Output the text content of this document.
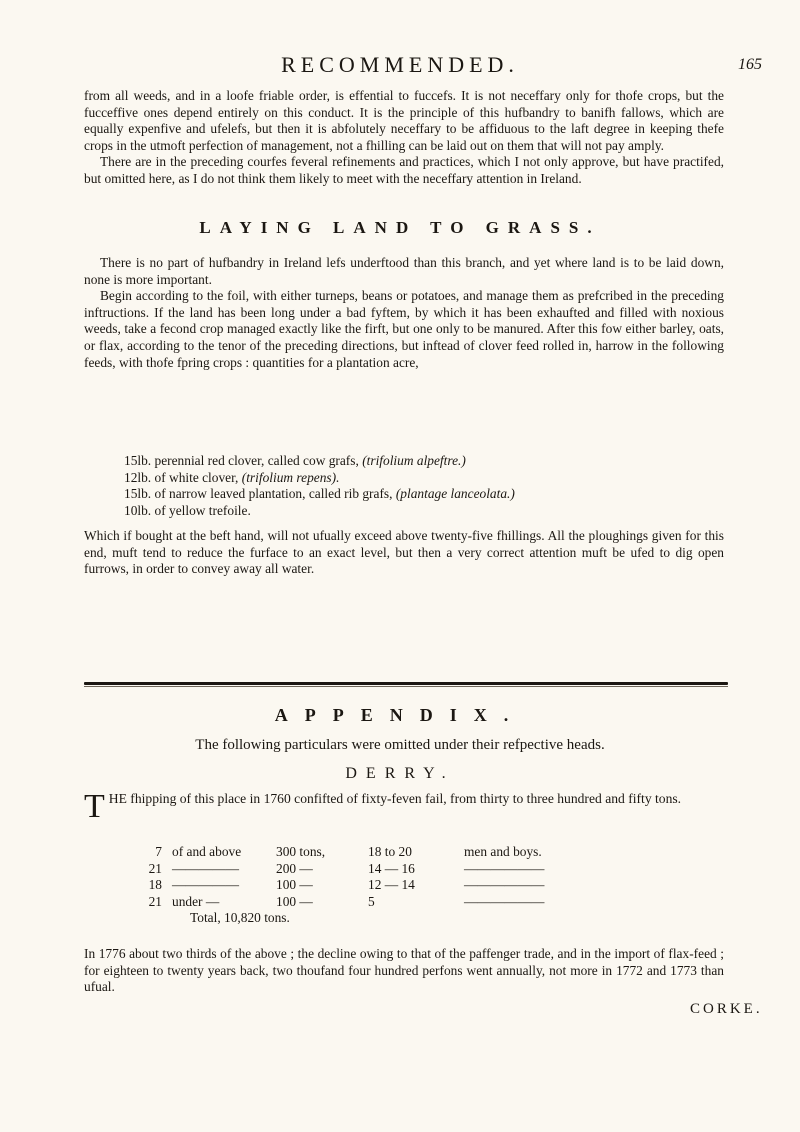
RECOMMENDED.	165

from all weeds, and in a loofe friable order, is effential to fuccefs. It is not neceffary only for thofe crops, but the fucceffive ones depend entirely on this conduct. It is the principle of this hufbandry to banifh fallows, which are equally expenfive and ufelefs, but then it is abfolutely neceffary to be affiduous to the laft degree in keeping thefe crops in the utmoft perfection of management, not a fhilling can be laid out on them that will not pay amply.

There are in the preceding courfes feveral refinements and practices, which I not only approve, but have practifed, but omitted here, as I do not think them likely to meet with the neceffary attention in Ireland.

LAYING LAND TO GRASS.

There is no part of hufbandry in Ireland lefs underftood than this branch, and yet where land is to be laid down, none is more important.

Begin according to the foil, with either turneps, beans or potatoes, and manage them as prefcribed in the preceding inftructions. If the land has been long under a bad fyftem, by which it has been exhaufted and filled with noxious weeds, take a fecond crop managed exactly like the firft, but one only to be manured. After this fow either barley, oats, or flax, according to the tenor of the preceding directions, but inftead of clover feed rolled in, harrow in the following feeds, with thofe fpring crops : quantities for a plantation acre,

15lb. perennial red clover, called cow grafs, (trifolium alpeftre.)
12lb. of white clover, (trifolium repens).
15lb. of narrow leaved plantation, called rib grafs, (plantage lanceolata.)
10lb. of yellow trefoile.

Which if bought at the beft hand, will not ufually exceed above twenty-five fhillings. All the ploughings given for this end, muft tend to reduce the furface to an exact level, but then a very correct attention muft be ufed to dig open furrows, in order to convey away all water.

APPENDIX.
The following particulars were omitted under their refpective heads.
DERRY.
T HE fhipping of this place in 1760 confifted of fixty-feven fail, from thirty to three hundred and fifty tons.
7 of and above	300 tons,	18 to 20	men and boys.
21 —————	200 —	14 — 16	——————
18 —————	100 —	12 — 14	——————
21 under —	100 —	5	——————
Total, 10,820 tons.

In 1776 about two thirds of the above ; the decline owing to that of the paffenger trade, and in the import of flax-feed ; for eighteen to twenty years back, two thoufand four hundred perfons went annually, not more in 1772 and 1773 than ufual.

CORKE.
